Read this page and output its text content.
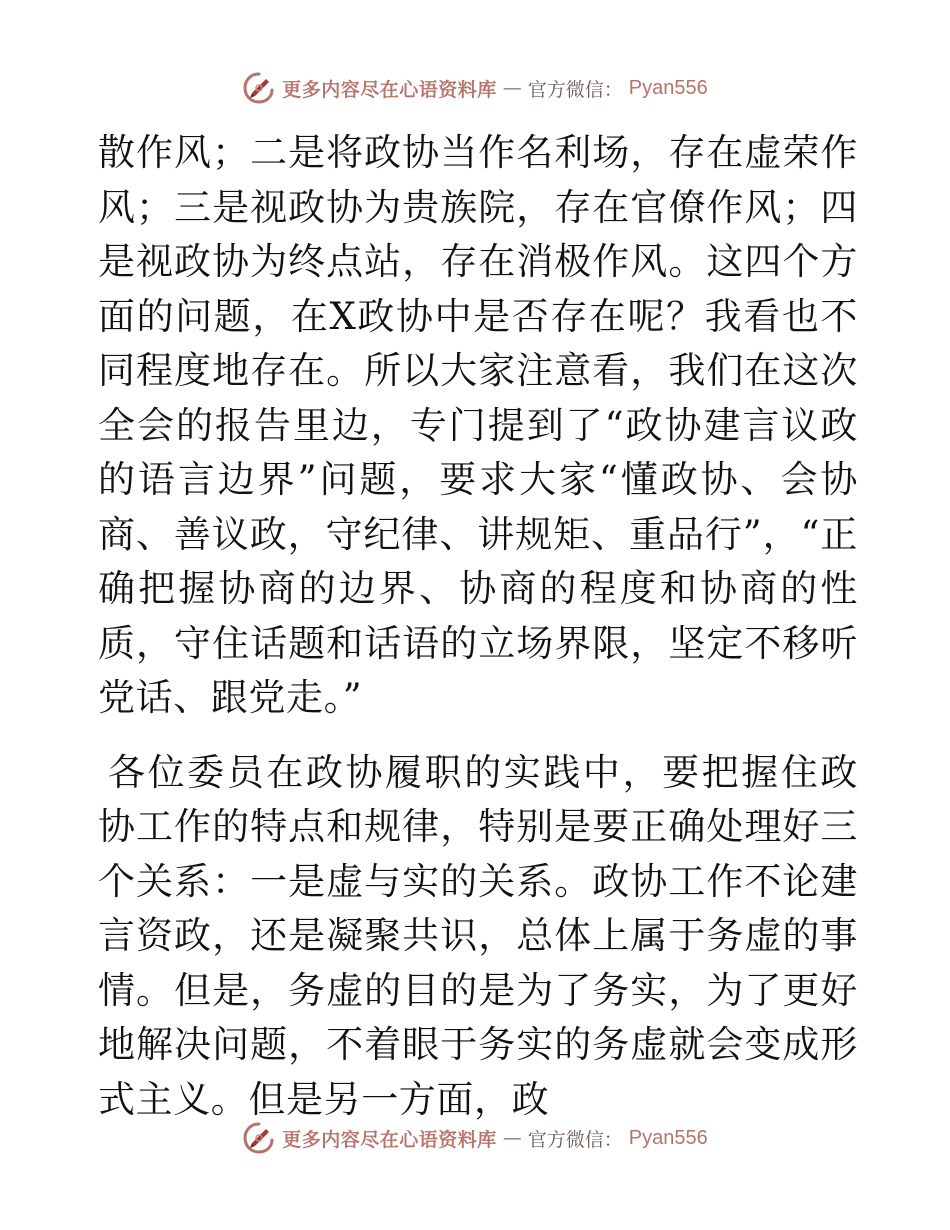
更多内容尽在心语资料库 — 官方微信： Pyan556

散作风；二是将政协当作名利场，存在虚荣作风；三是视政协为贵族院，存在官僚作风；四是视政协为终点站，存在消极作风。这四个方面的问题，在X政协中是否存在呢？我看也不同程度地存在。所以大家注意看，我们在这次全会的报告里边，专门提到了“政协建言议政的语言边界”问题，要求大家“懂政协、会协商、善议政，守纪律、讲规矩、重品行”，“正确把握协商的边界、协商的程度和协商的性质，守住话题和话语的立场界限，坚定不移听党话、跟党走。”

各位委员在政协履职的实践中，要把握住政协工作的特点和规律，特别是要正确处理好三个关系：一是虚与实的关系。政协工作不论建言资政，还是凝聚共识，总体上属于务虚的事情。但是，务虚的目的是为了务实，为了更好地解决问题，不着眼于务实的务虚就会变成形式主义。但是另一方面，政

更多内容尽在心语资料库 — 官方微信： Pyan556
